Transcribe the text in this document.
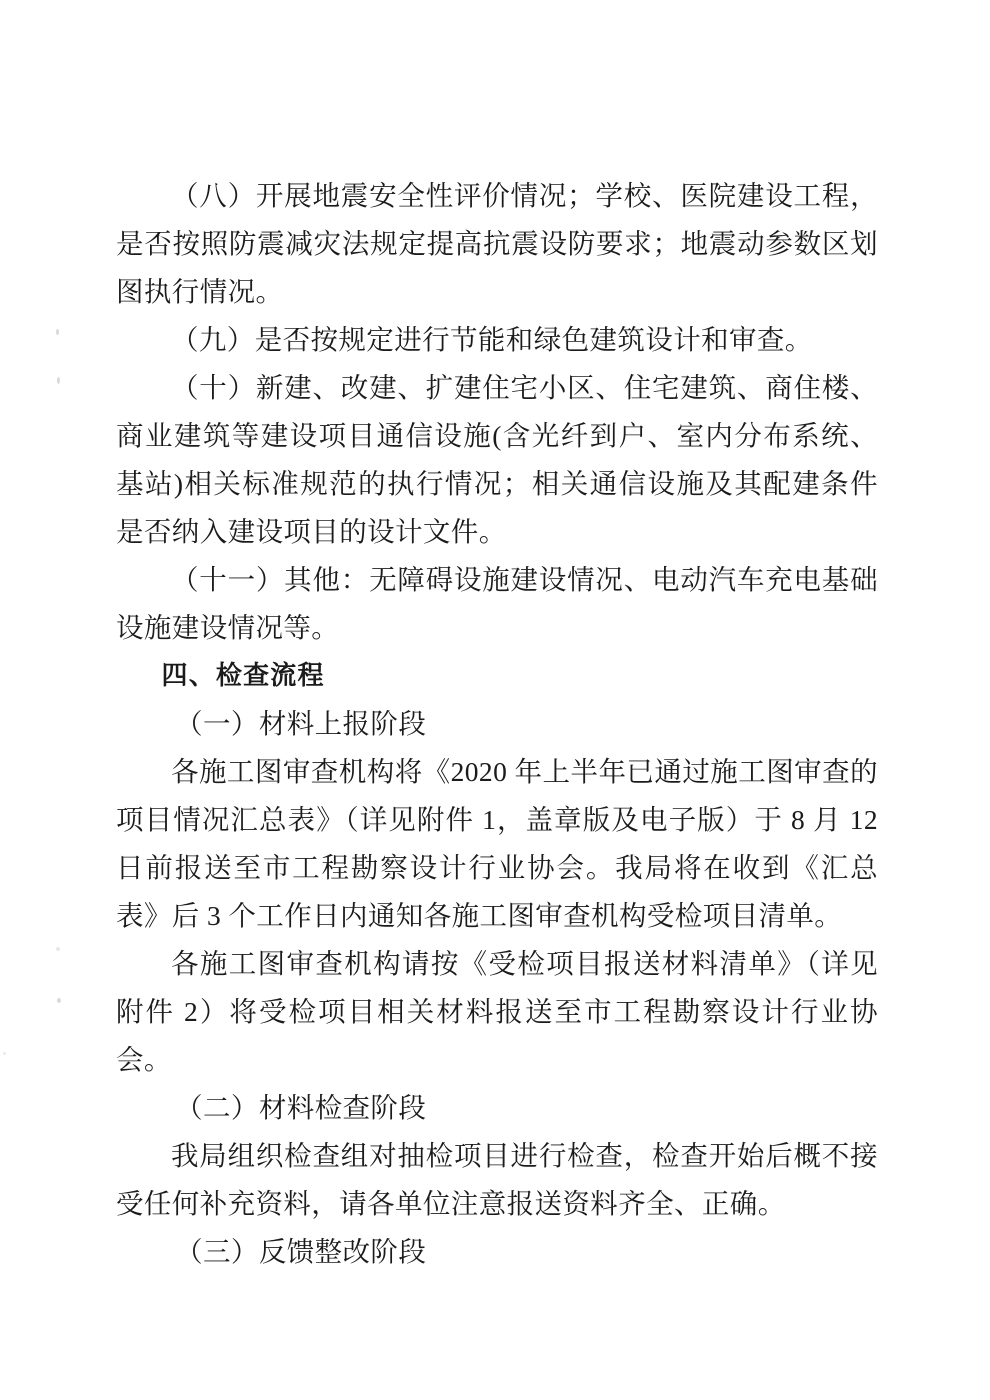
（八）开展地震安全性评价情况；学校、医院建设工程，是否按照防震减灾法规定提高抗震设防要求；地震动参数区划图执行情况。

（九）是否按规定进行节能和绿色建筑设计和审查。

（十）新建、改建、扩建住宅小区、住宅建筑、商住楼、商业建筑等建设项目通信设施(含光纤到户、室内分布系统、基站)相关标准规范的执行情况；相关通信设施及其配建条件是否纳入建设项目的设计文件。

（十一）其他：无障碍设施建设情况、电动汽车充电基础设施建设情况等。

四、检查流程

（一）材料上报阶段

各施工图审查机构将《2020 年上半年已通过施工图审查的项目情况汇总表》（详见附件 1，盖章版及电子版）于 8 月 12 日前报送至市工程勘察设计行业协会。我局将在收到《汇总表》后 3 个工作日内通知各施工图审查机构受检项目清单。

各施工图审查机构请按《受检项目报送材料清单》（详见附件 2）将受检项目相关材料报送至市工程勘察设计行业协会。

（二）材料检查阶段

我局组织检查组对抽检项目进行检查，检查开始后概不接受任何补充资料，请各单位注意报送资料齐全、正确。

（三）反馈整改阶段
